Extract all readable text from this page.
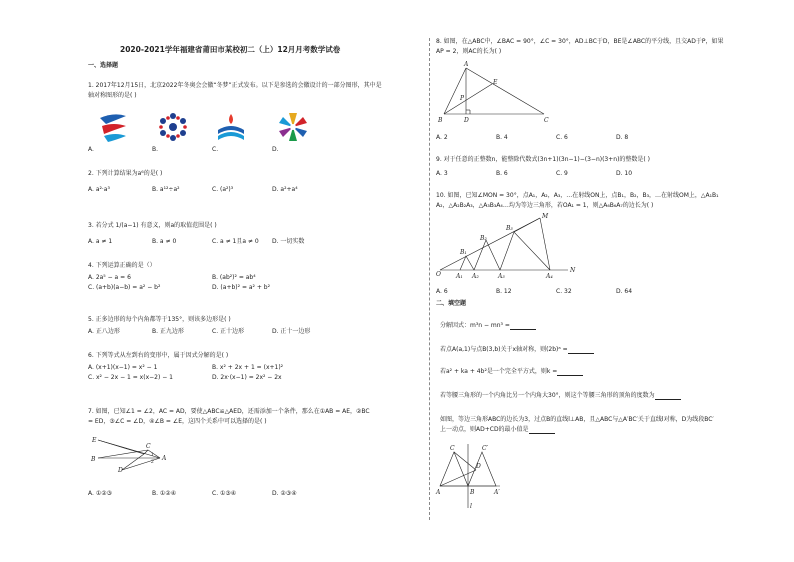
2020-2021学年福建省莆田市某校初二（上）12月月考数学试卷
一、选择题
1. 2017年12月15日，北京2022年冬奥会会徽“冬梦”正式发布。以下是参选的会徽设计的一部分图形，其中是
轴对称图形的是( )
A.	B.	C.	D.
2. 下列计算结果为a⁶的是( )
A. a²·a³	B. a¹²÷a²	C. (a²)³	D. a²+a⁴
3. 若分式 1/(a−1) 有意义，则a的取值范围是( )
A. a ≠ 1	B. a ≠ 0	C. a ≠ 1且a ≠ 0 D. 一切实数
4. 下列运算正确的是（）
A. 2a⁵ − a = 6	B. (ab²)² = ab⁴
C. (a+b)(a−b) = a² − b²	D. (a+b)² = a² + b²
5. 正多边形的每个内角都等于135°，则该多边形是( )
A. 正八边形	B. 正九边形	C. 正十边形	D. 正十一边形
6. 下列等式从左到右的变形中，属于因式分解的是( )
A. (x+1)(x−1) = x² − 1	B. x² + 2x + 1 = (x+1)²
C. x² − 2x − 1 = x(x−2) − 1	D. 2x·(x−1) = 2x² − 2x
7. 如图，已知∠1 = ∠2，AC = AD，要使△ABC≌△AED，还需添加一个条件，那么在①AB = AE，②BC
= ED，③∠C = ∠D，④∠B = ∠E，这四个关系中可以选择的是( )
E
B
C
D
A
1
2
A. ①②③	B. ①②④	C. ①③④	D. ②③④
8. 如图，在△ABC中，∠BAC = 90°，∠C = 30°，AD⊥BC于D，BE是∠ABC的平分线，且交AD于P，如果
AP = 2，则AC的长为( )
A
E
P
B	D	C
A. 2	B. 4	C. 6	D. 8
9. 对于任意的正整数n，能整除代数式(3n+1)(3n−1)−(3−n)(3+n)的整数是( )
A. 3	B. 6	C. 9	D. 10
10. 如图，已知∠MON = 30°，点A₁，A₂，A₃，…在射线ON上，点B₁，B₂，B₃，…在射线OM上，△A₁B₁
A₂，△A₂B₂A₃，△A₃B₃A₄…均为等边三角形，若OA₁ = 1，则△A₆B₆A₇的边长为( )
O	A₁ A₂	A₃	A₄
N
B₁
B₂
B₃
M
A. 6	B. 12	C. 32	D. 64
二、填空题
分解因式：m³n − mn³ =
若点A(a,1)与点B(3,b)关于x轴对称，则(2b)ᵃ =
若a² + ka + 4b²是一个完全平方式，则k =
若等腰三角形的一个内角比另一个内角大30°，则这个等腰三角形的顶角的度数为
如图，等边三角形ABC的边长为3，过点B的直线l⊥AB，且△ABC与△A′BC′关于直线l对称，D为线段BC′
上一动点，则AD+CD的最小值是
C
D
C′
A	B	A′
l
